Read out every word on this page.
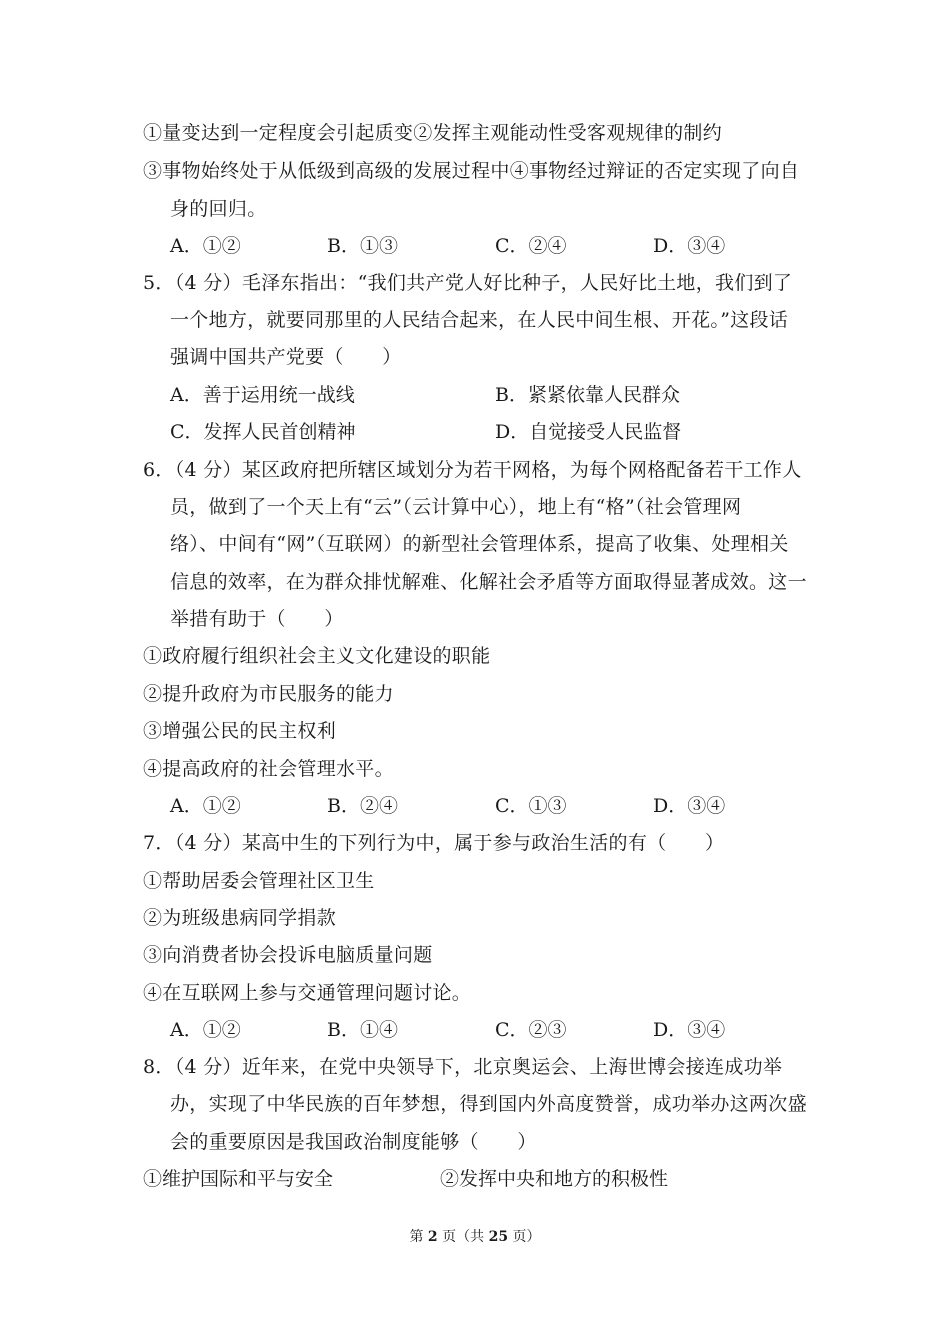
①量变达到一定程度会引起质变②发挥主观能动性受客观规律的制约
③事物始终处于从低级到高级的发展过程中④事物经过辩证的否定实现了向自
身的回归。
A．①②	B．①③	C．②④	D．③④
5．（4 分）毛泽东指出：“我们共产党人好比种子，人民好比土地，我们到了
一个地方，就要同那里的人民结合起来，在人民中间生根、开花。”这段话
强调中国共产党要（　　）
A．善于运用统一战线	B．紧紧依靠人民群众
C．发挥人民首创精神	D．自觉接受人民监督
6．（4 分）某区政府把所辖区域划分为若干网格，为每个网格配备若干工作人
员，做到了一个天上有“云”（云计算中心），地上有“格”（社会管理网
络）、中间有“网”（互联网）的新型社会管理体系，提高了收集、处理相关
信息的效率，在为群众排忧解难、化解社会矛盾等方面取得显著成效。这一
举措有助于（　　）
①政府履行组织社会主义文化建设的职能
②提升政府为市民服务的能力
③增强公民的民主权利
④提高政府的社会管理水平。
A．①②	B．②④	C．①③	D．③④
7．（4 分）某高中生的下列行为中，属于参与政治生活的有（　　）
①帮助居委会管理社区卫生
②为班级患病同学捐款
③向消费者协会投诉电脑质量问题
④在互联网上参与交通管理问题讨论。
A．①②	B．①④	C．②③	D．③④
8．（4 分）近年来，在党中央领导下，北京奥运会、上海世博会接连成功举
办，实现了中华民族的百年梦想，得到国内外高度赞誉，成功举办这两次盛
会的重要原因是我国政治制度能够（　　）
①维护国际和平与安全	②发挥中央和地方的积极性
第 2 页（共 25 页）
